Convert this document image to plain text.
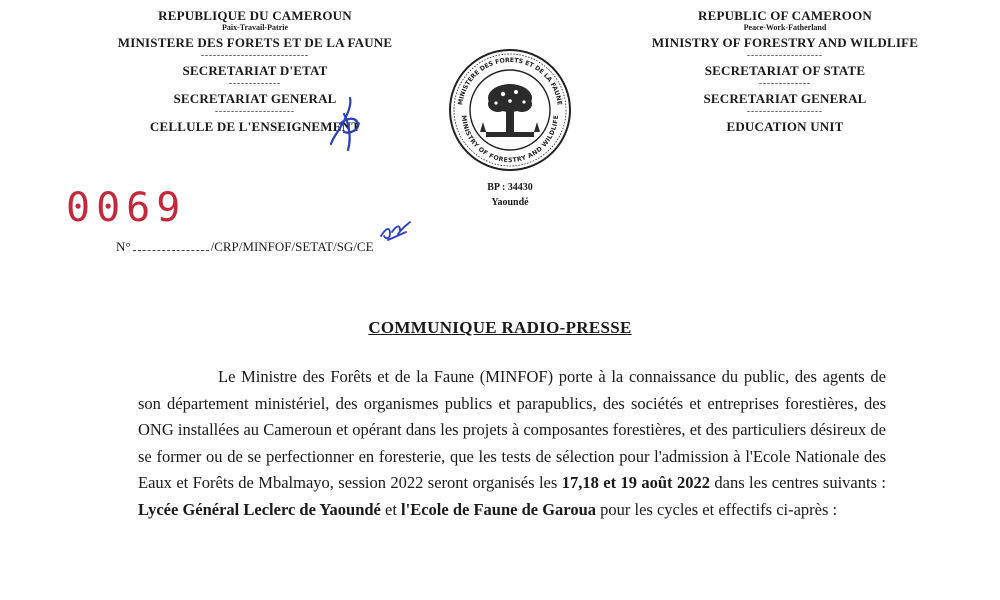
REPUBLIQUE DU CAMEROUN
Paix-Travail-Patrie
MINISTERE DES FORETS ET DE LA FAUNE
---------------------------
SECRETARIAT D'ETAT
-------------
SECRETARIAT GENERAL
--------------------
CELLULE DE L'ENSEIGNEMENT
REPUBLIC OF CAMEROON
Peace-Work-Fatherland
MINISTRY OF FORESTRY AND WILDLIFE
-------------------
SECRETARIAT OF STATE
-------------
SECRETARIAT GENERAL
-------------------
EDUCATION UNIT
MINISTERE DES FORETS ET DE LA FAUNE
MINISTRY OF FORESTRY AND WILDLIFE
BP : 34430
Yaoundé
0069
N°	/CRP/MINFOF/SETAT/SG/CE
COMMUNIQUE RADIO-PRESSE
Le Ministre des Forêts et de la Faune (MINFOF) porte à la connaissance du public, des agents de son département ministériel, des organismes publics et parapublics, des sociétés et entreprises forestières, des ONG installées au Cameroun et opérant dans les projets à composantes forestières, et des particuliers désireux de se former ou de se perfectionner en foresterie, que les tests de sélection pour l'admission à l'Ecole Nationale des Eaux et Forêts de Mbalmayo, session 2022 seront organisés les 17,18 et 19 août 2022 dans les centres suivants : Lycée Général Leclerc de Yaoundé et l'Ecole de Faune de Garoua pour les cycles et effectifs ci-après :
